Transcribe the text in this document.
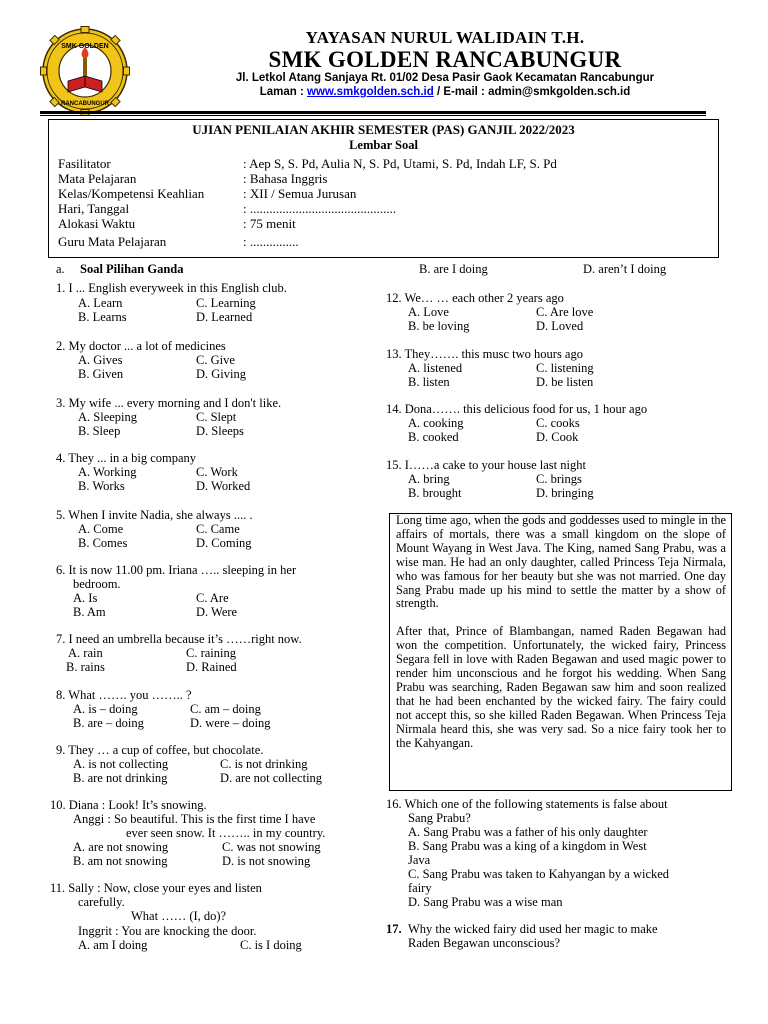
SMK GOLDEN
RANCABUNGUR
YAYASAN NURUL WALIDAIN T.H.
SMK GOLDEN RANCABUNGUR
Jl. Letkol Atang Sanjaya Rt. 01/02 Desa Pasir Gaok Kecamatan Rancabungur
Laman : www.smkgolden.sch.id / E-mail : admin@smkgolden.sch.id
UJIAN PENILAIAN AKHIR SEMESTER (PAS) GANJIL 2022/2023
Lembar Soal
Fasilitator	: Aep S, S. Pd, Aulia N, S. Pd, Utami, S. Pd, Indah LF, S. Pd
Mata Pelajaran	: Bahasa Inggris
Kelas/Kompetensi Keahlian	: XII / Semua Jurusan
Hari, Tanggal	: .............................................
Alokasi Waktu	: 75 menit
Guru Mata Pelajaran	: ...............
a. Soal Pilihan Ganda
1. I ... English everyweek in this English club.
A. Learn	C. Learning
B. Learns	D. Learned
2. My doctor ... a lot of medicines
A. Gives	C. Give
B. Given	D. Giving
3. My wife ... every morning and I don't like.
A. Sleeping	C. Slept
B. Sleep	D. Sleeps
4. They ... in a big company
A. Working	C. Work
B. Works	D. Worked
5. When I invite Nadia, she always .... .
A. Come	C. Came
B. Comes	D. Coming
6. It is now 11.00 pm. Iriana ….. sleeping in her
bedroom.
A. Is	C. Are
B. Am	D. Were
7. I need an umbrella because it’s ……right now.
A. rain	C. raining
B. rains	D. Rained
8. What ……. you …….. ?
A. is – doing	C. am – doing
B. are – doing	D. were – doing
9. They … a cup of coffee, but chocolate.
A. is not collecting	C. is not drinking
B. are not drinking	D. are not collecting
10. Diana : Look! It’s snowing.
Anggi : So beautiful. This is the first time I have
ever seen snow. It …….. in my country.
A. are not snowing	C. was not snowing
B. am not snowing	D. is not snowing
11. Sally : Now, close your eyes and listen
carefully.
What …… (I, do)?
Inggrit : You are knocking the door.
A. am I doing	C. is I doing
B. are I doing	D. aren’t I doing
12. We… … each other 2 years ago
A. Love	C. Are love
B. be loving	D. Loved
13. They……. this musc two hours ago
A. listened	C. listening
B. listen	D. be listen
14. Dona……. this delicious food for us, 1 hour ago
A. cooking	C. cooks
B. cooked	D. Cook
15. I……a cake to your house last night
A. bring	C. brings
B. brought	D. bringing

Long time ago, when the gods and goddesses used to mingle in the affairs of mortals, there was a small kingdom on the slope of Mount Wayang in West Java. The King, named Sang Prabu, was a wise man. He had an only daughter, called Princess Teja Nirmala, who was famous for her beauty but she was not married. One day Sang Prabu made up his mind to settle the matter by a show of strength.

After that, Prince of Blambangan, named Raden Begawan had won the competition. Unfortunately, the wicked fairy, Princess Segara fell in love with Raden Begawan and used magic power to render him unconscious and he forgot his wedding. When Sang Prabu was searching, Raden Begawan saw him and soon realized that he had been enchanted by the wicked fairy. The fairy could not accept this, so she killed Raden Begawan. When Princess Teja Nirmala heard this, she was very sad. So a nice fairy took her to the Kahyangan.

16. Which one of the following statements is false about
Sang Prabu?
A. Sang Prabu was a father of his only daughter
B. Sang Prabu was a king of a kingdom in West
Java
C. Sang Prabu was taken to Kahyangan by a wicked
fairy
D. Sang Prabu was a wise man
17. Why the wicked fairy did used her magic to make
Raden Begawan unconscious?
